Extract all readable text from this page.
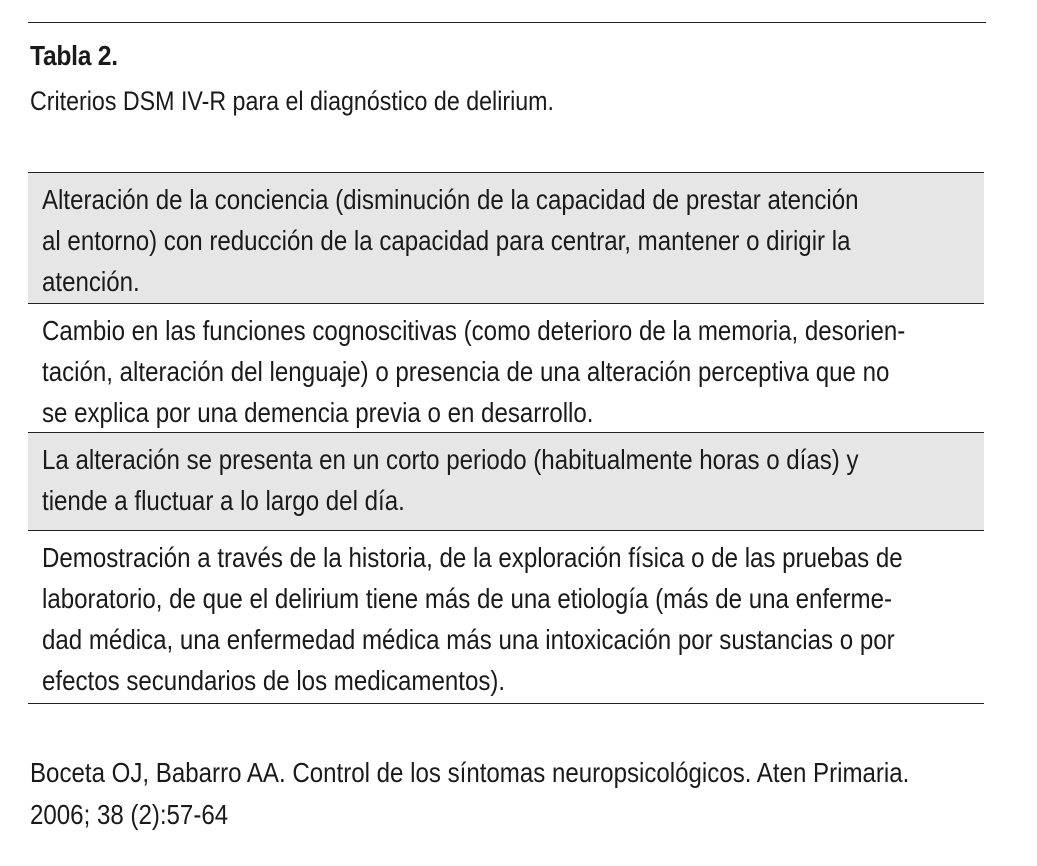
Tabla 2.
Criterios DSM IV-R para el diagnóstico de delirium.

Alteración de la conciencia (disminución de la capacidad de prestar atención
al entorno) con reducción de la capacidad para centrar, mantener o dirigir la
atención.

Cambio en las funciones cognoscitivas (como deterioro de la memoria, desorien-
tación, alteración del lenguaje) o presencia de una alteración perceptiva que no
se explica por una demencia previa o en desarrollo.

La alteración se presenta en un corto periodo (habitualmente horas o días) y
tiende a fluctuar a lo largo del día.

Demostración a través de la historia, de la exploración física o de las pruebas de
laboratorio, de que el delirium tiene más de una etiología (más de una enferme-
dad médica, una enfermedad médica más una intoxicación por sustancias o por
efectos secundarios de los medicamentos).

Boceta OJ, Babarro AA. Control de los síntomas neuropsicológicos. Aten Primaria.
2006; 38 (2):57-64
